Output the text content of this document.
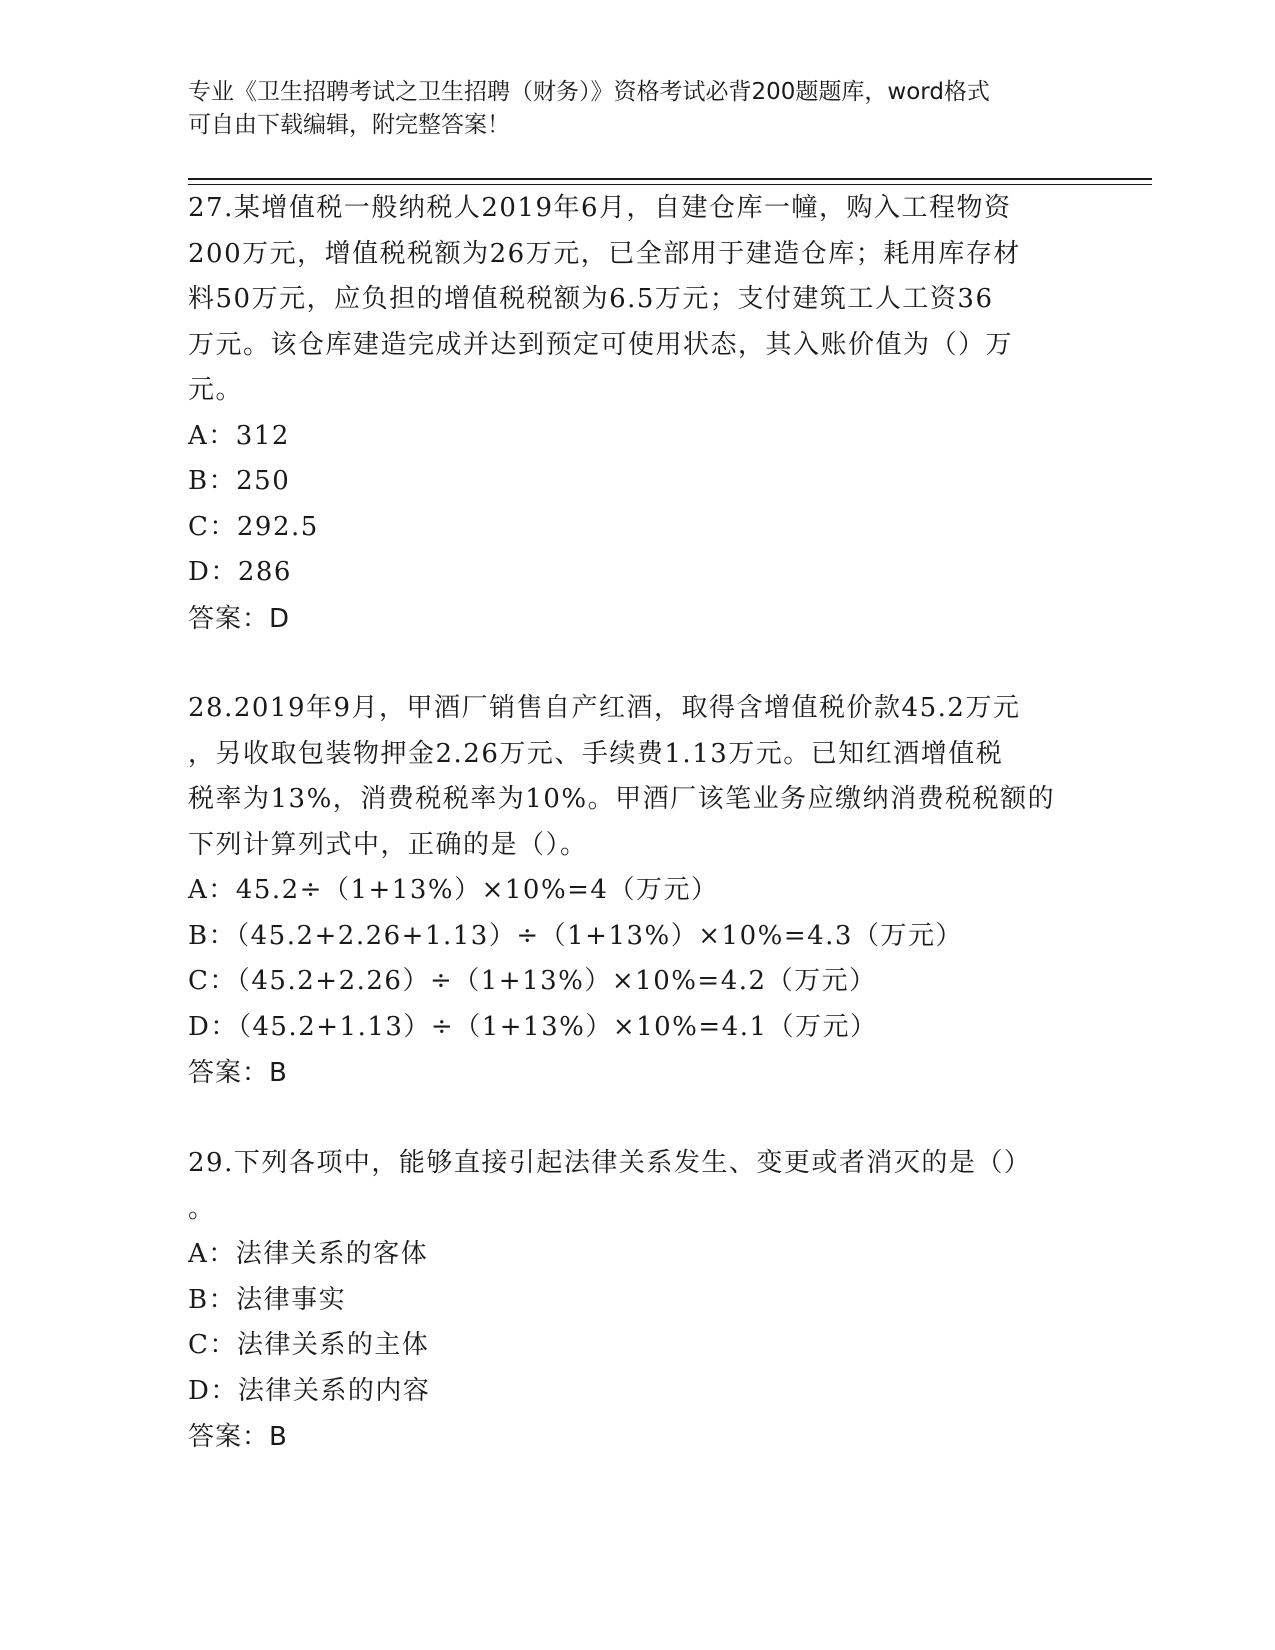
专业《卫生招聘考试之卫生招聘（财务）》资格考试必背200题题库，word格式
可自由下载编辑，附完整答案！
27.某增值税一般纳税人2019年6月，自建仓库一幢，购入工程物资
200万元，增值税税额为26万元，已全部用于建造仓库；耗用库存材
料50万元，应负担的增值税税额为6.5万元；支付建筑工人工资36
万元。该仓库建造完成并达到预定可使用状态，其入账价值为（）万
元。
A：312
B：250
C：292.5
D：286
答案：D
28.2019年9月，甲酒厂销售自产红酒，取得含增值税价款45.2万元
，另收取包装物押金2.26万元、手续费1.13万元。已知红酒增值税
税率为13%，消费税税率为10%。甲酒厂该笔业务应缴纳消费税税额的
下列计算列式中，正确的是（）。
A：45.2÷（1+13%）×10%=4（万元）
B：（45.2+2.26+1.13）÷（1+13%）×10%=4.3（万元）
C：（45.2+2.26）÷（1+13%）×10%=4.2（万元）
D：（45.2+1.13）÷（1+13%）×10%=4.1（万元）
答案：B
29.下列各项中，能够直接引起法律关系发生、变更或者消灭的是（）
。
A：法律关系的客体
B：法律事实
C：法律关系的主体
D：法律关系的内容
答案：B
